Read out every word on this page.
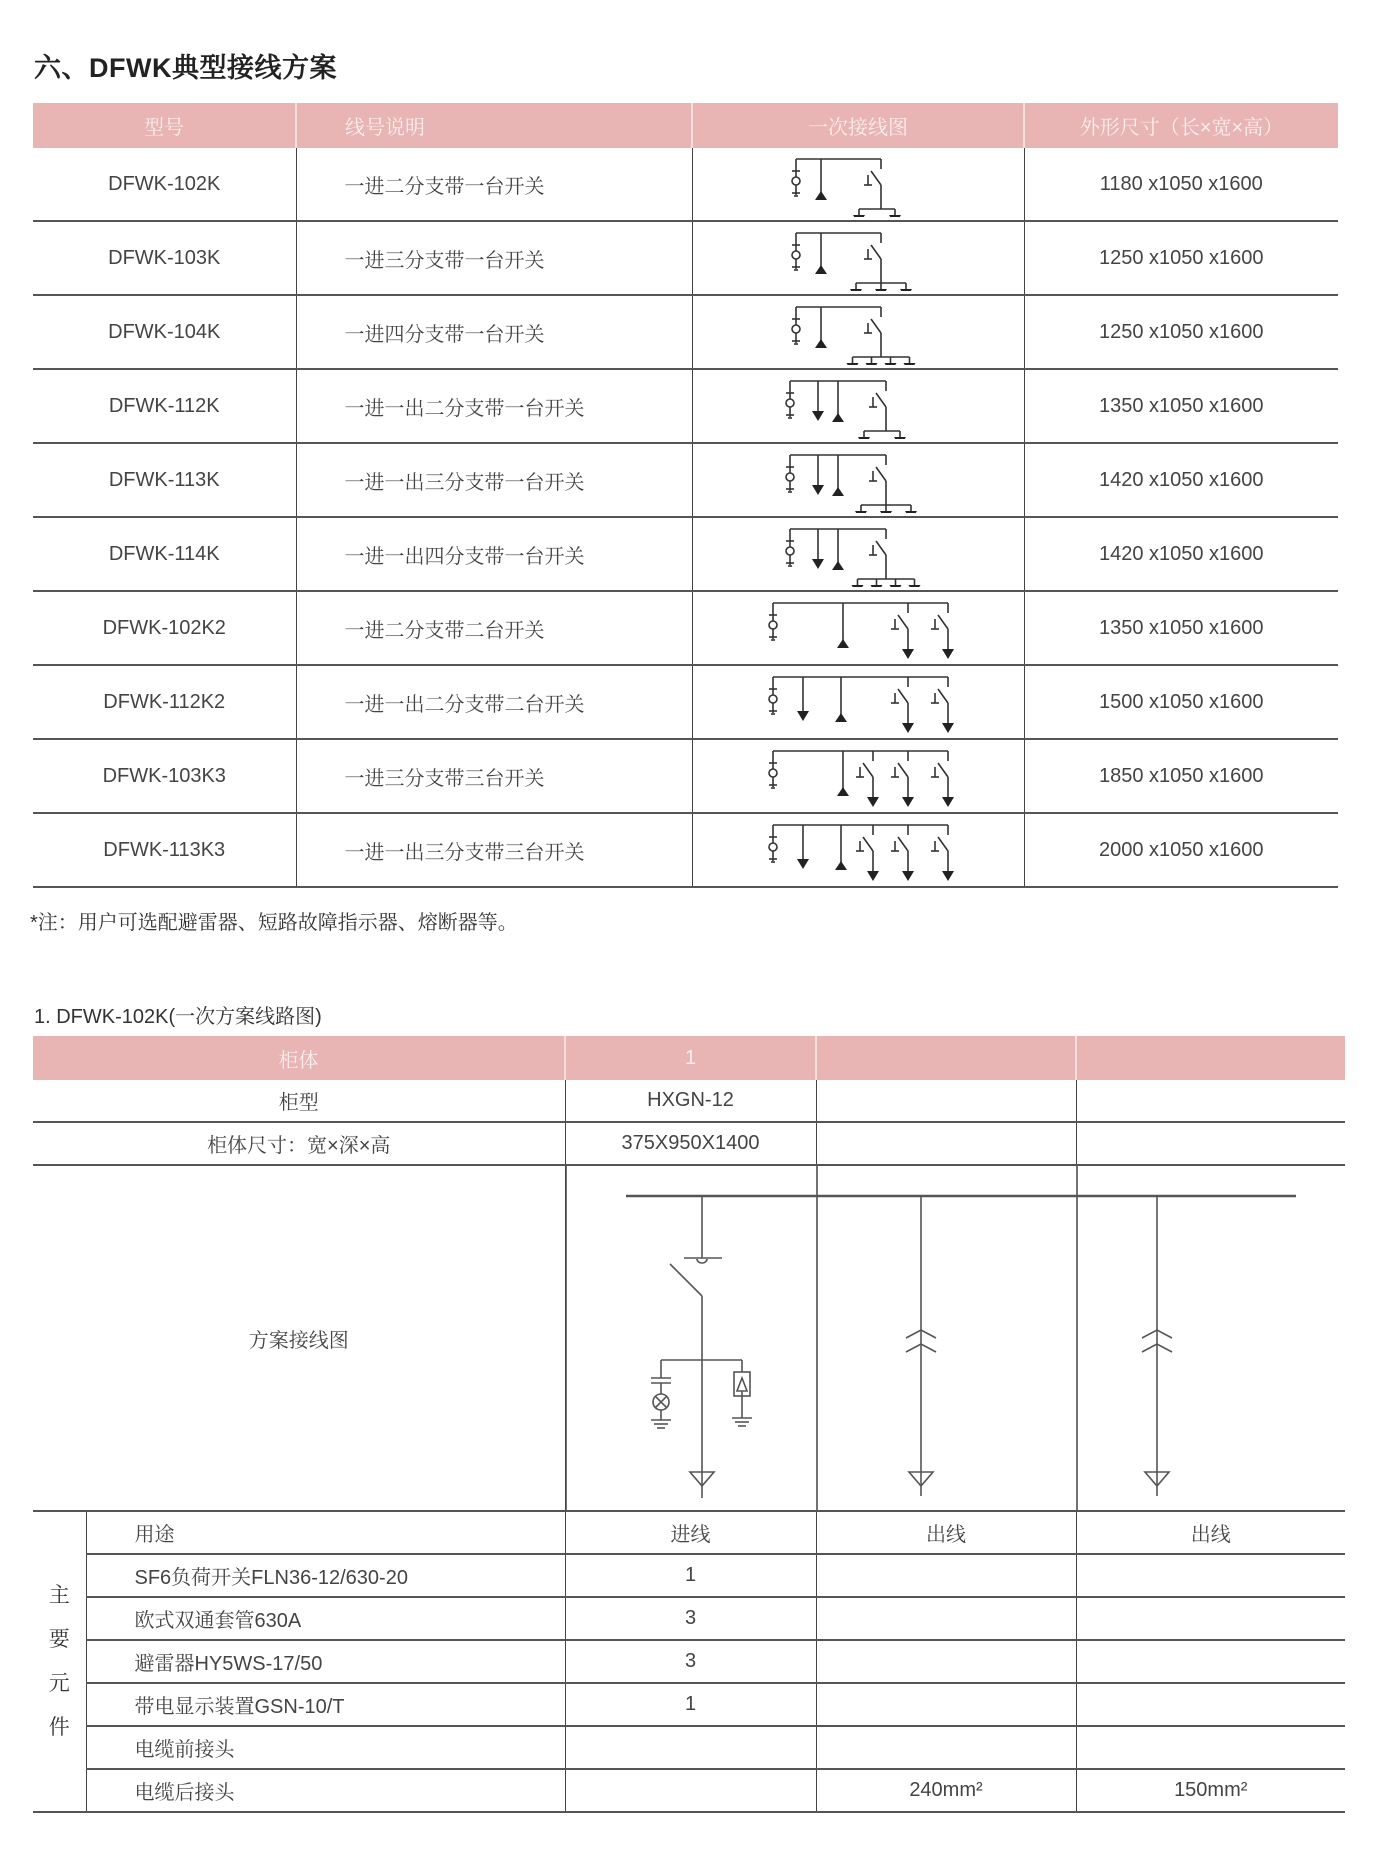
六、DFWK典型接线方案
型号	线号说明	一次接线图	外形尺寸（长×宽×高）
DFWK-102K	一进二分支带一台开关		1180 x1050 x1600
DFWK-103K	一进三分支带一台开关		1250 x1050 x1600
DFWK-104K	一进四分支带一台开关		1250 x1050 x1600
DFWK-112K	一进一出二分支带一台开关		1350 x1050 x1600
DFWK-113K	一进一出三分支带一台开关		1420 x1050 x1600
DFWK-114K	一进一出四分支带一台开关		1420 x1050 x1600
DFWK-102K2	一进二分支带二台开关		1350 x1050 x1600
DFWK-112K2	一进一出二分支带二台开关		1500 x1050 x1600
DFWK-103K3	一进三分支带三台开关		1850 x1050 x1600
DFWK-113K3	一进一出三分支带三台开关		2000 x1050 x1600
*注：用户可选配避雷器、短路故障指示器、熔断器等。
1. DFWK-102K(一次方案线路图)
柜体		1		
柜型		HXGN-12		
柜体尺寸：宽×深×高		375X950X1400		
方案接线图	

主
要
元
件	用途	进线	出线	出线
	SF6负荷开关FLN36-12/630-20	1		
	欧式双通套管630A	3		
	避雷器HY5WS-17/50	3		
	带电显示装置GSN-10/T	1		
	电缆前接头			
	电缆后接头		240mm²	150mm²
